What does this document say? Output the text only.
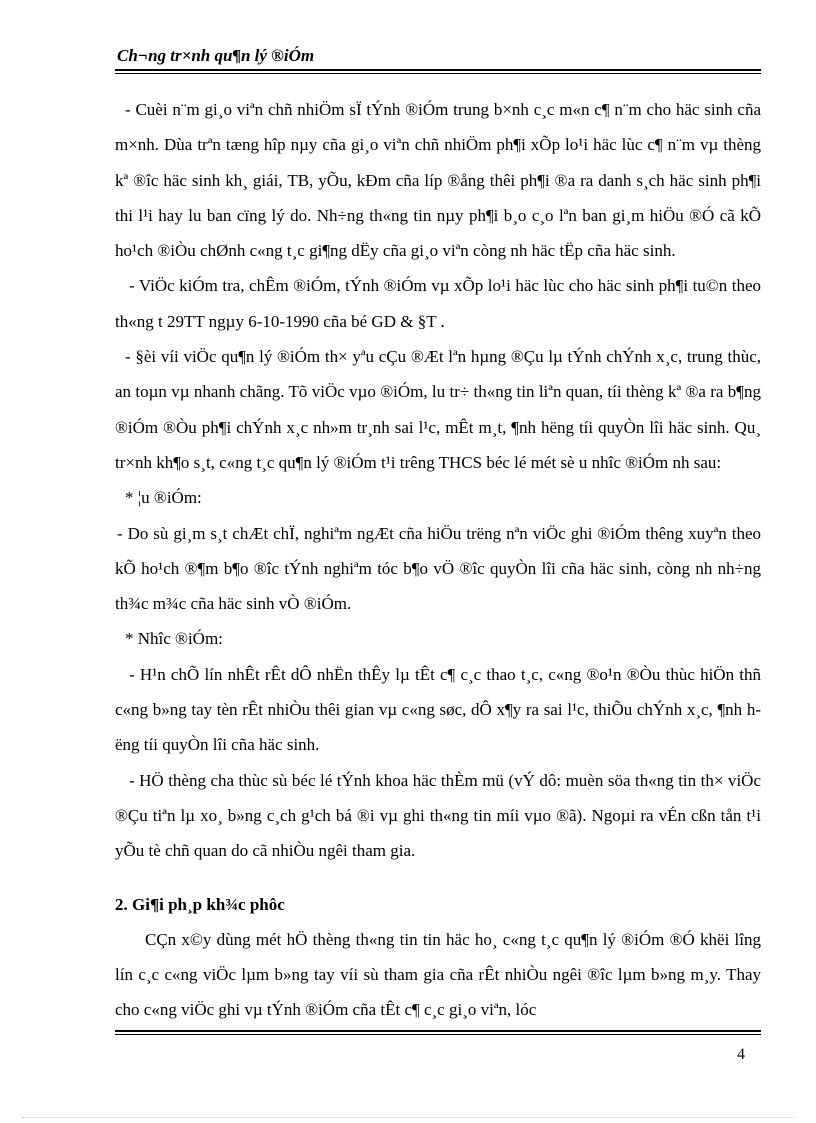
Ch¬ng tr×nh qu¶n lý ®iÓm

- Cuèi n¨m gi¸o viªn chñ nhiÖm sÏ tÝnh ®iÓm trung b×nh c¸c m«n c¶ n¨m cho häc sinh cña m×nh. Dùa trªn tæng hîp nµy cña gi¸o viªn chñ nhiÖm ph¶i xÕp lo¹i häc lùc c¶ n¨m vµ thèng kª ®îc häc sinh kh¸ giái, TB, yÕu, kÐm cña líp ®ång thêi ph¶i ®a ra danh s¸ch häc sinh ph¶i thi l¹i hay lu ban cïng lý do. Nh÷ng th«ng tin nµy ph¶i b¸o c¸o lªn ban gi¸m hiÖu ®Ó cã kÕ ho¹ch ®iÒu chØnh c«ng t¸c gi¶ng dËy cña gi¸o viªn còng nh häc tËp cña häc sinh.

- ViÖc kiÓm tra, chÊm ®iÓm, tÝnh ®iÓm vµ xÕp lo¹i häc lùc cho häc sinh ph¶i tu©n theo th«ng t 29TT ngµy 6-10-1990 cña bé GD & §T .

- §èi víi viÖc qu¶n lý ®iÓm th× yªu cÇu ®Æt lªn hµng ®Çu lµ tÝnh chÝnh x¸c, trung thùc, an toµn vµ nhanh chãng. Tõ viÖc vµo ®iÓm, lu tr÷ th«ng tin liªn quan, tíi thèng kª ®a ra b¶ng ®iÓm ®Òu ph¶i chÝnh x¸c nh»m tr¸nh sai l¹c, mÊt m¸t, ¶nh hëng tíi quyÒn lîi häc sinh. Qu¸ tr×nh kh¶o s¸t, c«ng t¸c qu¶n lý ®iÓm t¹i trêng THCS béc lé mét sè u nhîc ®iÓm nh sau:

* ¦u ®iÓm:

- Do sù gi¸m s¸t chÆt chÏ, nghiªm ngÆt cña hiÖu trëng nªn viÖc ghi ®iÓm thêng xuyªn theo kÕ ho¹ch ®¶m b¶o ®îc tÝnh nghiªm tóc b¶o vÖ ®îc quyÒn lîi cña häc sinh, còng nh nh÷ng th¾c m¾c cña häc sinh vÒ ®iÓm.

* Nhîc ®iÓm:

- H¹n chÕ lín nhÊt rÊt dÔ nhËn thÊy lµ tÊt c¶ c¸c thao t¸c, c«ng ®o¹n ®Òu thùc hiÖn thñ c«ng b»ng tay tèn rÊt nhiÒu thêi gian vµ c«ng søc, dÔ x¶y ra sai l¹c, thiÕu chÝnh x¸c, ¶nh hëng tíi quyÒn lîi cña häc sinh.

- HÖ thèng cha thùc sù béc lé tÝnh khoa häc thÈm mü (vÝ dô: muèn söa th«ng tin th× viÖc ®Çu tiªn lµ xo¸ b»ng c¸ch g¹ch bá ®i vµ ghi th«ng tin míi vµo ®ã). Ngoµi ra vÉn cßn tån t¹i yÕu tè chñ quan do cã nhiÒu ngêi tham gia.

2. Gi¶i ph¸p kh¾c phôc

CÇn x©y dùng mét hÖ thèng th«ng tin tin häc ho¸ c«ng t¸c qu¶n lý ®iÓm ®Ó khëi lîng lín c¸c c«ng viÖc lµm b»ng tay víi sù tham gia cña rÊt nhiÒu ngêi ®îc lµm b»ng m¸y. Thay cho c«ng viÖc ghi vµ tÝnh ®iÓm cña tÊt c¶ c¸c gi¸o viªn, lóc

4
